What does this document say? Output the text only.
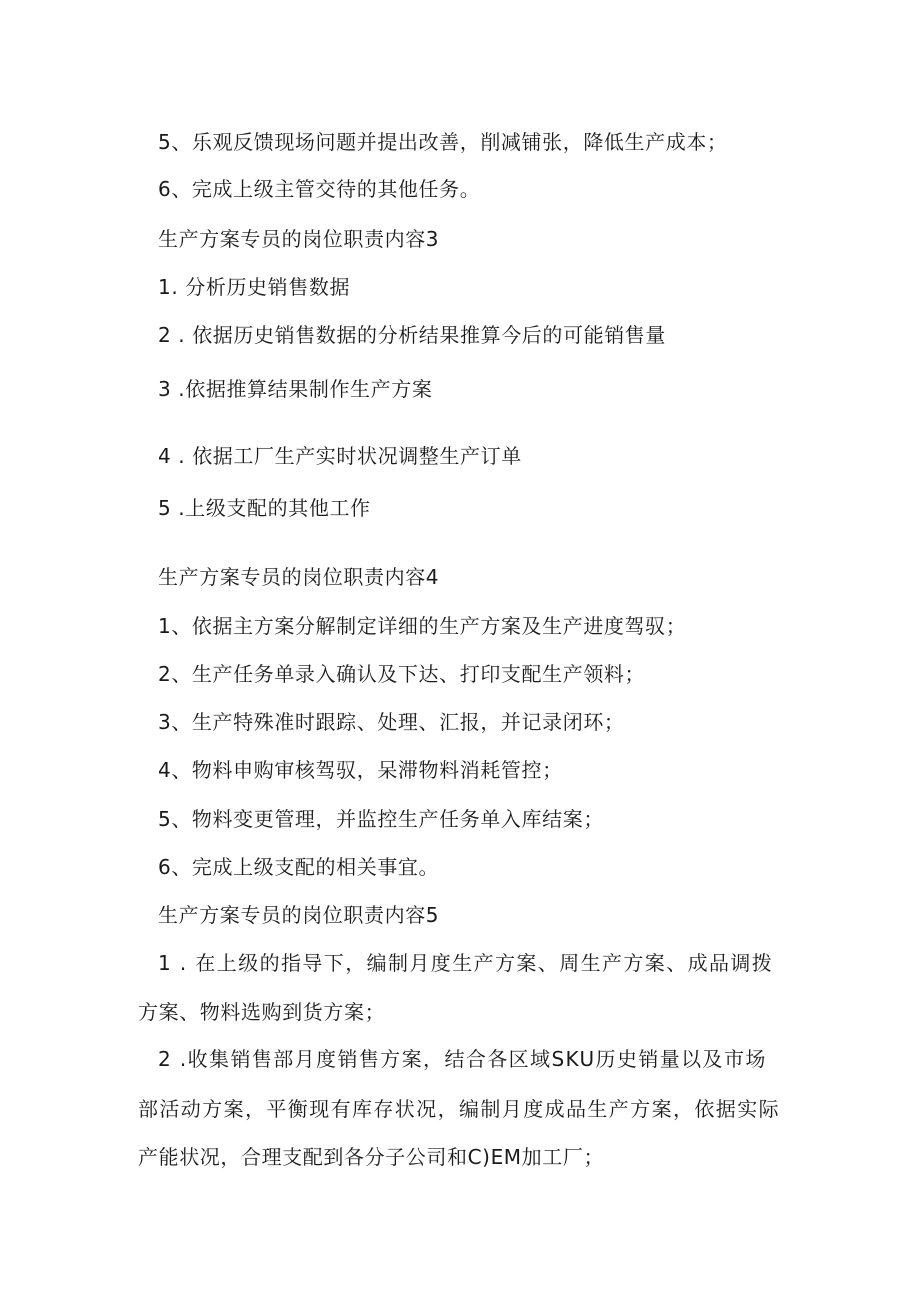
5、乐观反馈现场问题并提出改善，削减铺张，降低生产成本；
6、完成上级主管交待的其他任务。
生产方案专员的岗位职责内容3
1. 分析历史销售数据
2 . 依据历史销售数据的分析结果推算今后的可能销售量
3 .依据推算结果制作生产方案
4 . 依据工厂生产实时状况调整生产订单
5 .上级支配的其他工作
生产方案专员的岗位职责内容4
1、依据主方案分解制定详细的生产方案及生产进度驾驭；
2、生产任务单录入确认及下达、打印支配生产领料；
3、生产特殊准时跟踪、处理、汇报，并记录闭环；
4、物料申购审核驾驭，呆滞物料消耗管控；
5、物料变更管理，并监控生产任务单入库结案；
6、完成上级支配的相关事宜。
生产方案专员的岗位职责内容5
1 . 在上级的指导下，编制月度生产方案、周生产方案、成品调拨
方案、物料选购到货方案；
2 .收集销售部月度销售方案，结合各区域SKU历史销量以及市场
部活动方案，平衡现有库存状况，编制月度成品生产方案，依据实际
产能状况，合理支配到各分子公司和C)EM加工厂；
